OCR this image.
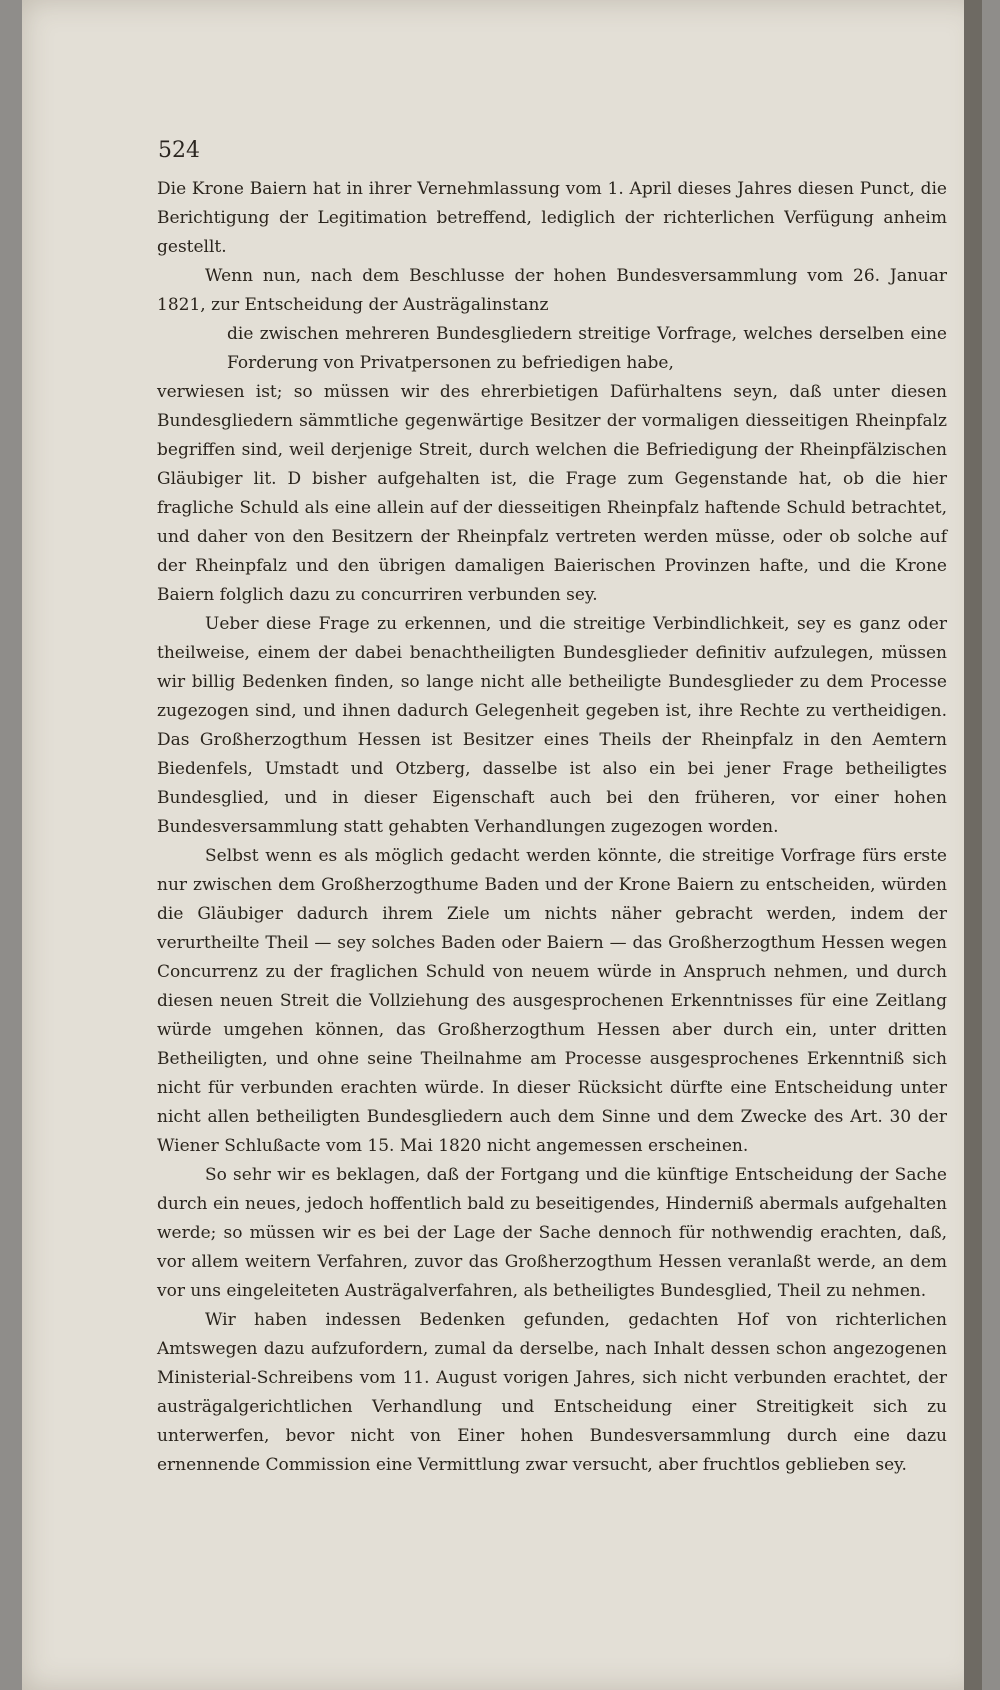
524

Die Krone Baiern hat in ihrer Vernehmlassung vom 1. April dieses Jahres diesen Punct, die Berichtigung der Legitimation betreffend, lediglich der richterlichen Verfügung anheim gestellt.

Wenn nun, nach dem Beschlusse der hohen Bundesversammlung vom 26. Januar 1821, zur Entscheidung der Austrägalinstanz

die zwischen mehreren Bundesgliedern streitige Vorfrage, welches derselben eine Forderung von Privatpersonen zu befriedigen habe,

verwiesen ist; so müssen wir des ehrerbietigen Dafürhaltens seyn, daß unter diesen Bundesgliedern sämmtliche gegenwärtige Besitzer der vormaligen diesseitigen Rheinpfalz begriffen sind, weil derjenige Streit, durch welchen die Befriedigung der Rheinpfälzischen Gläubiger lit. D bisher aufgehalten ist, die Frage zum Gegenstande hat, ob die hier fragliche Schuld als eine allein auf der diesseitigen Rheinpfalz haftende Schuld betrachtet, und daher von den Besitzern der Rheinpfalz vertreten werden müsse, oder ob solche auf der Rheinpfalz und den übrigen damaligen Baierischen Provinzen hafte, und die Krone Baiern folglich dazu zu concurriren verbunden sey.

Ueber diese Frage zu erkennen, und die streitige Verbindlichkeit, sey es ganz oder theilweise, einem der dabei benachtheiligten Bundesglieder definitiv aufzulegen, müssen wir billig Bedenken finden, so lange nicht alle betheiligte Bundesglieder zu dem Processe zugezogen sind, und ihnen dadurch Gelegenheit gegeben ist, ihre Rechte zu vertheidigen. Das Großherzogthum Hessen ist Besitzer eines Theils der Rheinpfalz in den Aemtern Biedenfels, Umstadt und Otzberg, dasselbe ist also ein bei jener Frage betheiligtes Bundesglied, und in dieser Eigenschaft auch bei den früheren, vor einer hohen Bundesversammlung statt gehabten Verhandlungen zugezogen worden.

Selbst wenn es als möglich gedacht werden könnte, die streitige Vorfrage fürs erste nur zwischen dem Großherzogthume Baden und der Krone Baiern zu entscheiden, würden die Gläubiger dadurch ihrem Ziele um nichts näher gebracht werden, indem der verurtheilte Theil — sey solches Baden oder Baiern — das Großherzogthum Hessen wegen Concurrenz zu der fraglichen Schuld von neuem würde in Anspruch nehmen, und durch diesen neuen Streit die Vollziehung des ausgesprochenen Erkenntnisses für eine Zeitlang würde umgehen können, das Großherzogthum Hessen aber durch ein, unter dritten Betheiligten, und ohne seine Theilnahme am Processe ausgesprochenes Erkenntniß sich nicht für verbunden erachten würde. In dieser Rücksicht dürfte eine Entscheidung unter nicht allen betheiligten Bundesgliedern auch dem Sinne und dem Zwecke des Art. 30 der Wiener Schlußacte vom 15. Mai 1820 nicht angemessen erscheinen.

So sehr wir es beklagen, daß der Fortgang und die künftige Entscheidung der Sache durch ein neues, jedoch hoffentlich bald zu beseitigendes, Hinderniß abermals aufgehalten werde; so müssen wir es bei der Lage der Sache dennoch für nothwendig erachten, daß, vor allem weitern Verfahren, zuvor das Großherzogthum Hessen veranlaßt werde, an dem vor uns eingeleiteten Austrägalverfahren, als betheiligtes Bundesglied, Theil zu nehmen.

Wir haben indessen Bedenken gefunden, gedachten Hof von richterlichen Amtswegen dazu aufzufordern, zumal da derselbe, nach Inhalt dessen schon angezogenen Ministerial-Schreibens vom 11. August vorigen Jahres, sich nicht verbunden erachtet, der austrägalgerichtlichen Verhandlung und Entscheidung einer Streitigkeit sich zu unterwerfen, bevor nicht von Einer hohen Bundesversammlung durch eine dazu ernennende Commission eine Vermittlung zwar versucht, aber fruchtlos geblieben sey.
